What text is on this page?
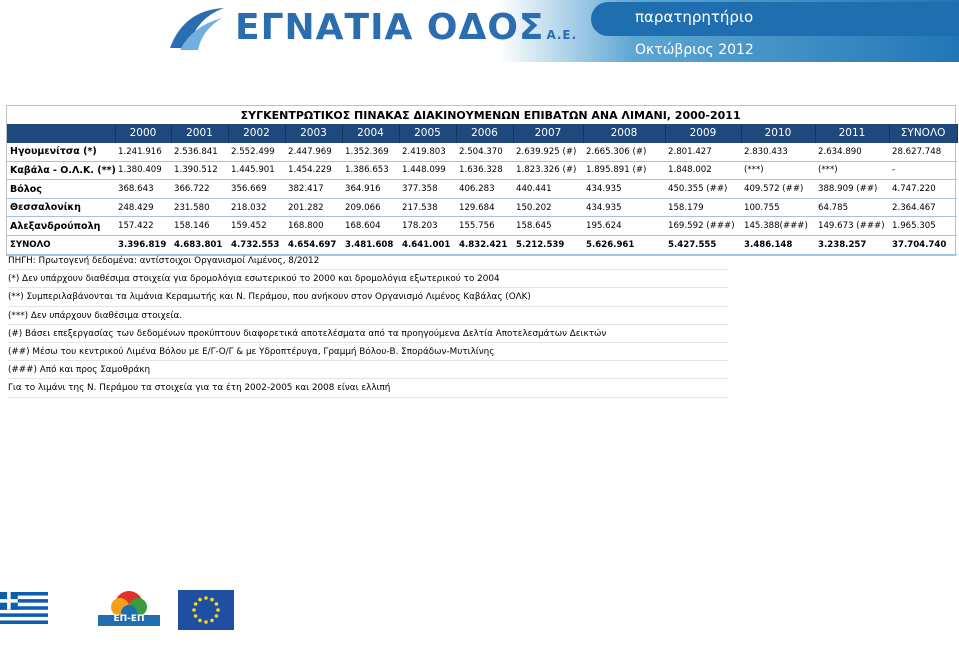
ΕΓΝΑΤΙΑ ΟΔΟΣ Α.Ε.
παρατηρητήριο
Οκτώβριος 2012
ΣΥΓΚΕΝΤΡΩΤΙΚΟΣ ΠΙΝΑΚΑΣ ΔΙΑΚΙΝΟΥΜΕΝΩΝ ΕΠΙΒΑΤΩΝ ΑΝΑ ΛΙΜΑΝΙ, 2000-2011													
	2000	2001	2002	2003	2004	2005	2006	2007	2008	2009	2010	2011	ΣΥΝΟΛΟ
Ηγουμενίτσα (*)	1.241.916	2.536.841	2.552.499	2.447.969	1.352.369	2.419.803	2.504.370	2.639.925 (#)	2.665.306 (#)	2.801.427	2.830.433	2.634.890	28.627.748
Καβάλα - Ο.Λ.Κ. (**)	1.380.409	1.390.512	1.445.901	1.454.229	1.386.653	1.448.099	1.636.328	1.823.326 (#)	1.895.891 (#)	1.848.002	(***)	(***)	-
Βόλος	368.643	366.722	356.669	382.417	364.916	377.358	406.283	440.441	434.935	450.355 (##)	409.572 (##)	388.909 (##)	4.747.220
Θεσσαλονίκη	248.429	231.580	218.032	201.282	209.066	217.538	129.684	150.202	434.935	158.179	100.755	64.785	2.364.467
Αλεξανδρούπολη	157.422	158.146	159.452	168.800	168.604	178.203	155.756	158.645	195.624	169.592 (###)	145.388(###)	149.673 (###)	1.965.305
ΣΥΝΟΛΟ	3.396.819	4.683.801	4.732.553	4.654.697	3.481.608	4.641.001	4.832.421	5.212.539	5.626.961	5.427.555	3.486.148	3.238.257	37.704.740
ΠΗΓΗ: Πρωτογενή δεδομένα: αντίστοιχοι Οργανισμοί Λιμένος, 8/2012
(*) Δεν υπάρχουν διαθέσιμα στοιχεία για δρομολόγια εσωτερικού το 2000 και δρομολόγια εξωτερικού το 2004
(**) Συμπεριλαβάνονται τα λιμάνια Κεραμωτής και Ν. Περάμου, που ανήκουν στον Οργανισμό Λιμένος Καβάλας (ΟΛΚ)
(***) Δεν υπάρχουν διαθέσιμα στοιχεία.
(#) Βάσει επεξεργασίας των δεδομένων προκύπτουν διαφορετικά αποτελέσματα από τα προηγούμενα Δελτία Αποτελεσμάτων Δεικτών
(##) Μέσω του κεντρικού Λιμένα Βόλου με Ε/Γ-Ο/Γ & με Υδροπτέρυγα, Γραμμή Βόλου-Β. Σποράδων-Μυτιλίνης
(###) Από και προς Σαμοθράκη
Για το λιμάνι της Ν. Περάμου τα στοιχεία για τα έτη 2002-2005 και 2008 είναι ελλιπή
ΕΠ-ΕΠ
